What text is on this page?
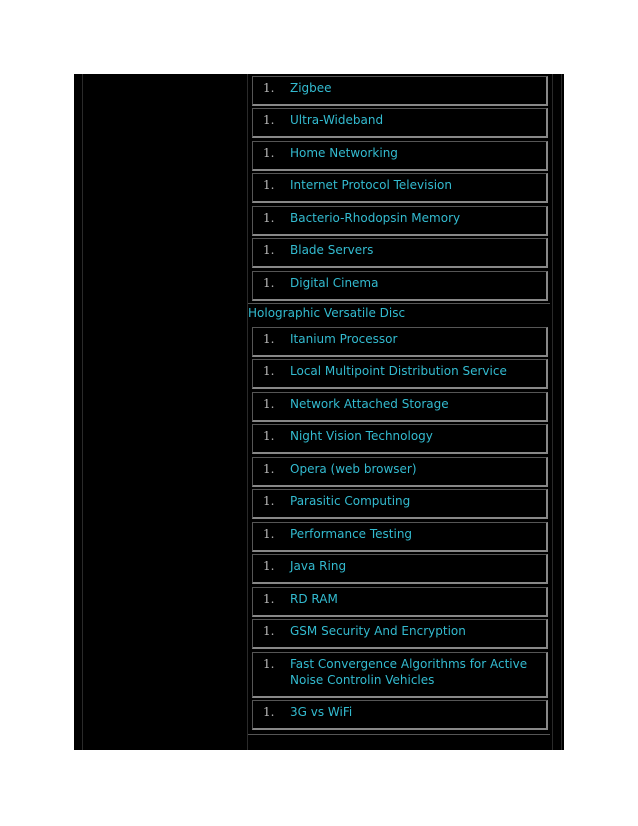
1. Zigbee
1. Ultra-Wideband
1. Home Networking
1. Internet Protocol Television
1. Bacterio-Rhodopsin Memory
1. Blade Servers
1. Digital Cinema
Holographic Versatile Disc
1. Itanium Processor
1. Local Multipoint Distribution Service
1. Network Attached Storage
1. Night Vision Technology
1. Opera (web browser)
1. Parasitic Computing
1. Performance Testing
1. Java Ring
1. RD RAM
1. GSM Security And Encryption
1. Fast Convergence Algorithms for Active Noise Controlin Vehicles
1. 3G vs WiFi
